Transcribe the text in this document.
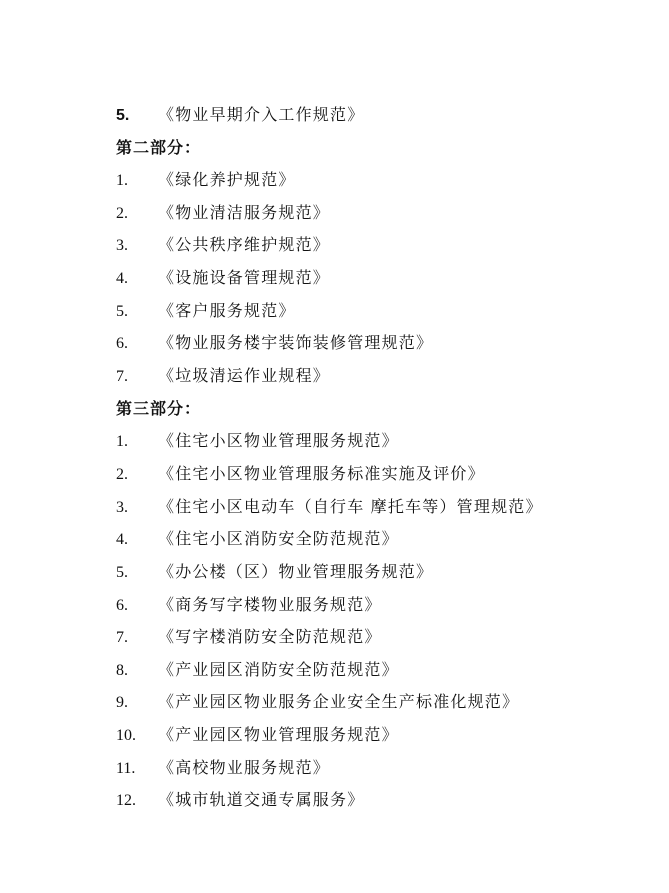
5. 《物业早期介入工作规范》
第二部分：
1. 《绿化养护规范》
2. 《物业清洁服务规范》
3. 《公共秩序维护规范》
4. 《设施设备管理规范》
5. 《客户服务规范》
6. 《物业服务楼宇装饰装修管理规范》
7. 《垃圾清运作业规程》
第三部分：
1. 《住宅小区物业管理服务规范》
2. 《住宅小区物业管理服务标准实施及评价》
3. 《住宅小区电动车（自行车 摩托车等）管理规范》
4. 《住宅小区消防安全防范规范》
5. 《办公楼（区）物业管理服务规范》
6. 《商务写字楼物业服务规范》
7. 《写字楼消防安全防范规范》
8. 《产业园区消防安全防范规范》
9. 《产业园区物业服务企业安全生产标准化规范》
10. 《产业园区物业管理服务规范》
11. 《高校物业服务规范》
12. 《城市轨道交通专属服务》
